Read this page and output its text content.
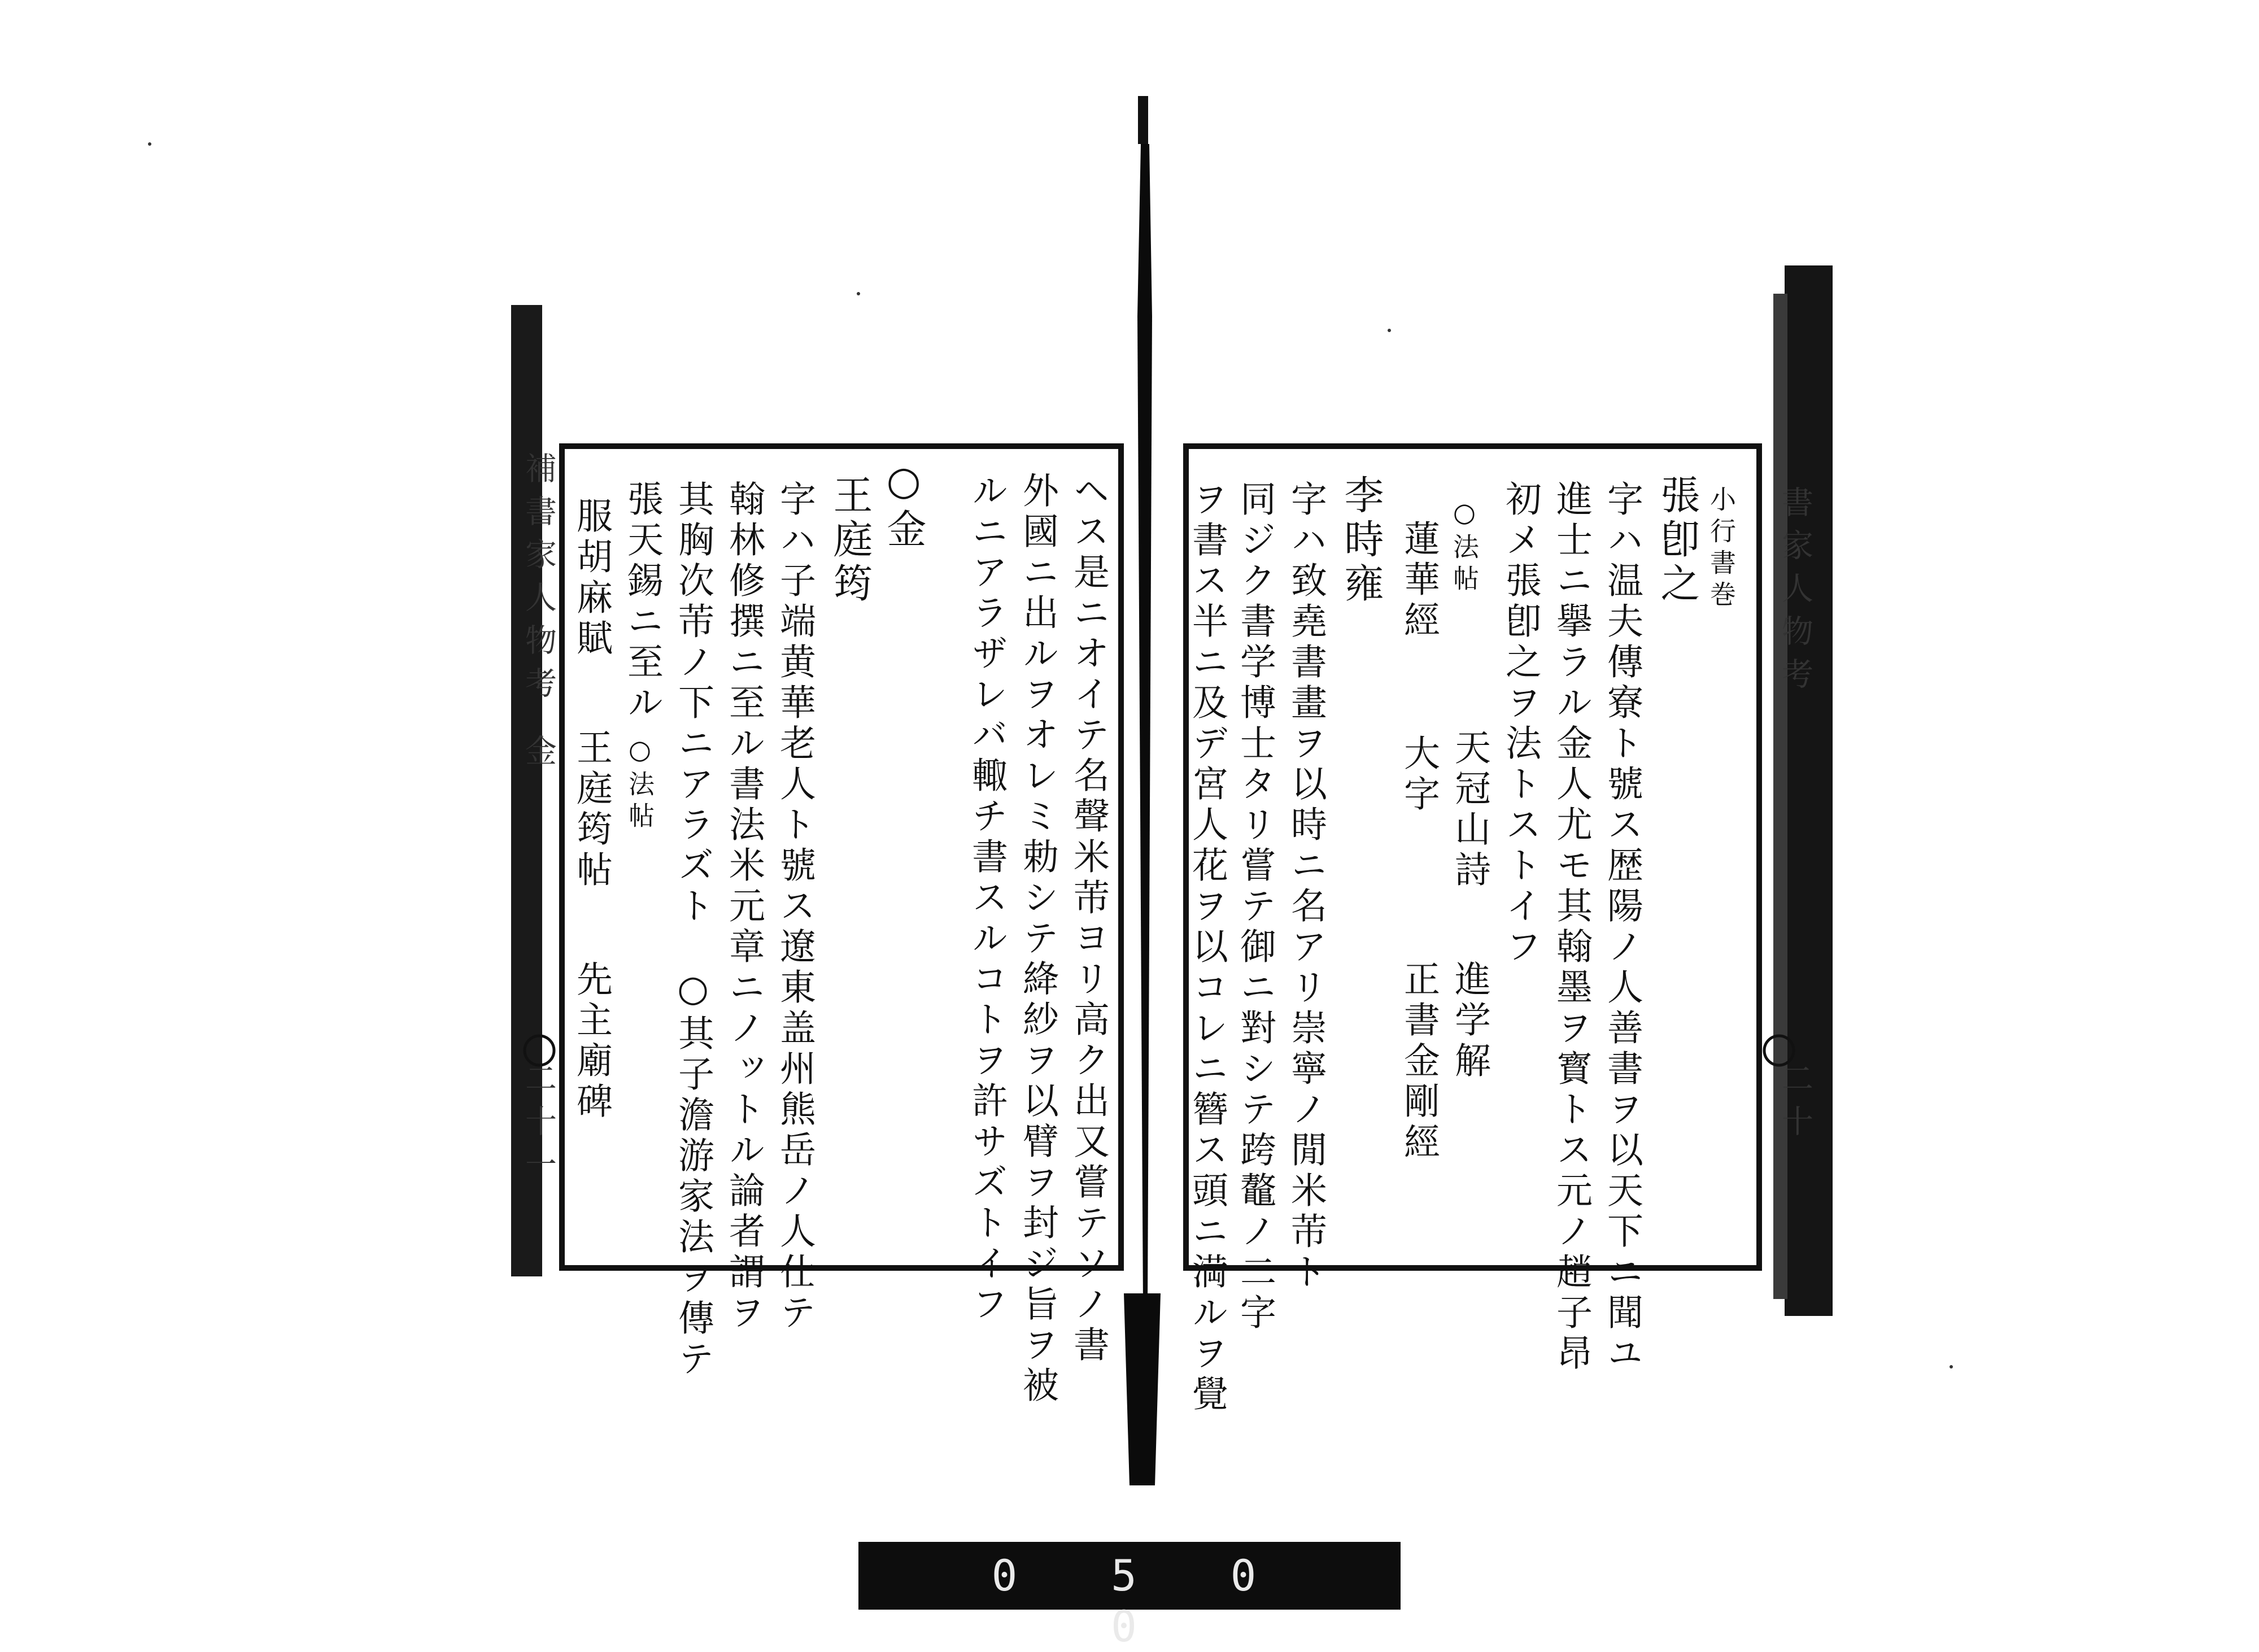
書家人物考
二十
小行書巻
張卽之
字ハ温夫傳寮ト號ス歴陽ノ人善書ヲ以天下ニ聞ユ
進士ニ擧ラル金人尤モ其翰墨ヲ寳トス元ノ趙子昂
初メ張卽之ヲ法トストイフ
○法帖
天冠山詩
進学解
蓮華經
大字
正書金剛經
李時雍
字ハ致堯書畫ヲ以時ニ名アリ崇寧ノ閒米芾ト
同ジク書学博士タリ嘗テ御ニ對シテ跨鼇ノ二字
ヲ書ス半ニ及デ宮人花ヲ以コレニ簪ス頭ニ満ルヲ覺
補書家人物考
金
二十一	ヘス是ニオイテ名聲米芾ヨリ高ク出又嘗テソノ書
外國ニ出ルヲオレミ勅シテ絳紗ヲ以臂ヲ封ジ旨ヲ被
ルニアラザレバ輙チ書スルコトヲ許サズトイフ
○金
王庭筠
字ハ子端黄華老人ト號ス遼東盖州熊岳ノ人仕テ
翰林修撰ニ至ル書法米元章ニノットル論者謂ヲ
其胸次芾ノ下ニアラズト　○其子澹游家法ヲ傳テ
張天錫ニ至ル
○法帖
服胡麻賦
王庭筠帖
先主廟碑
0 5 0 0
